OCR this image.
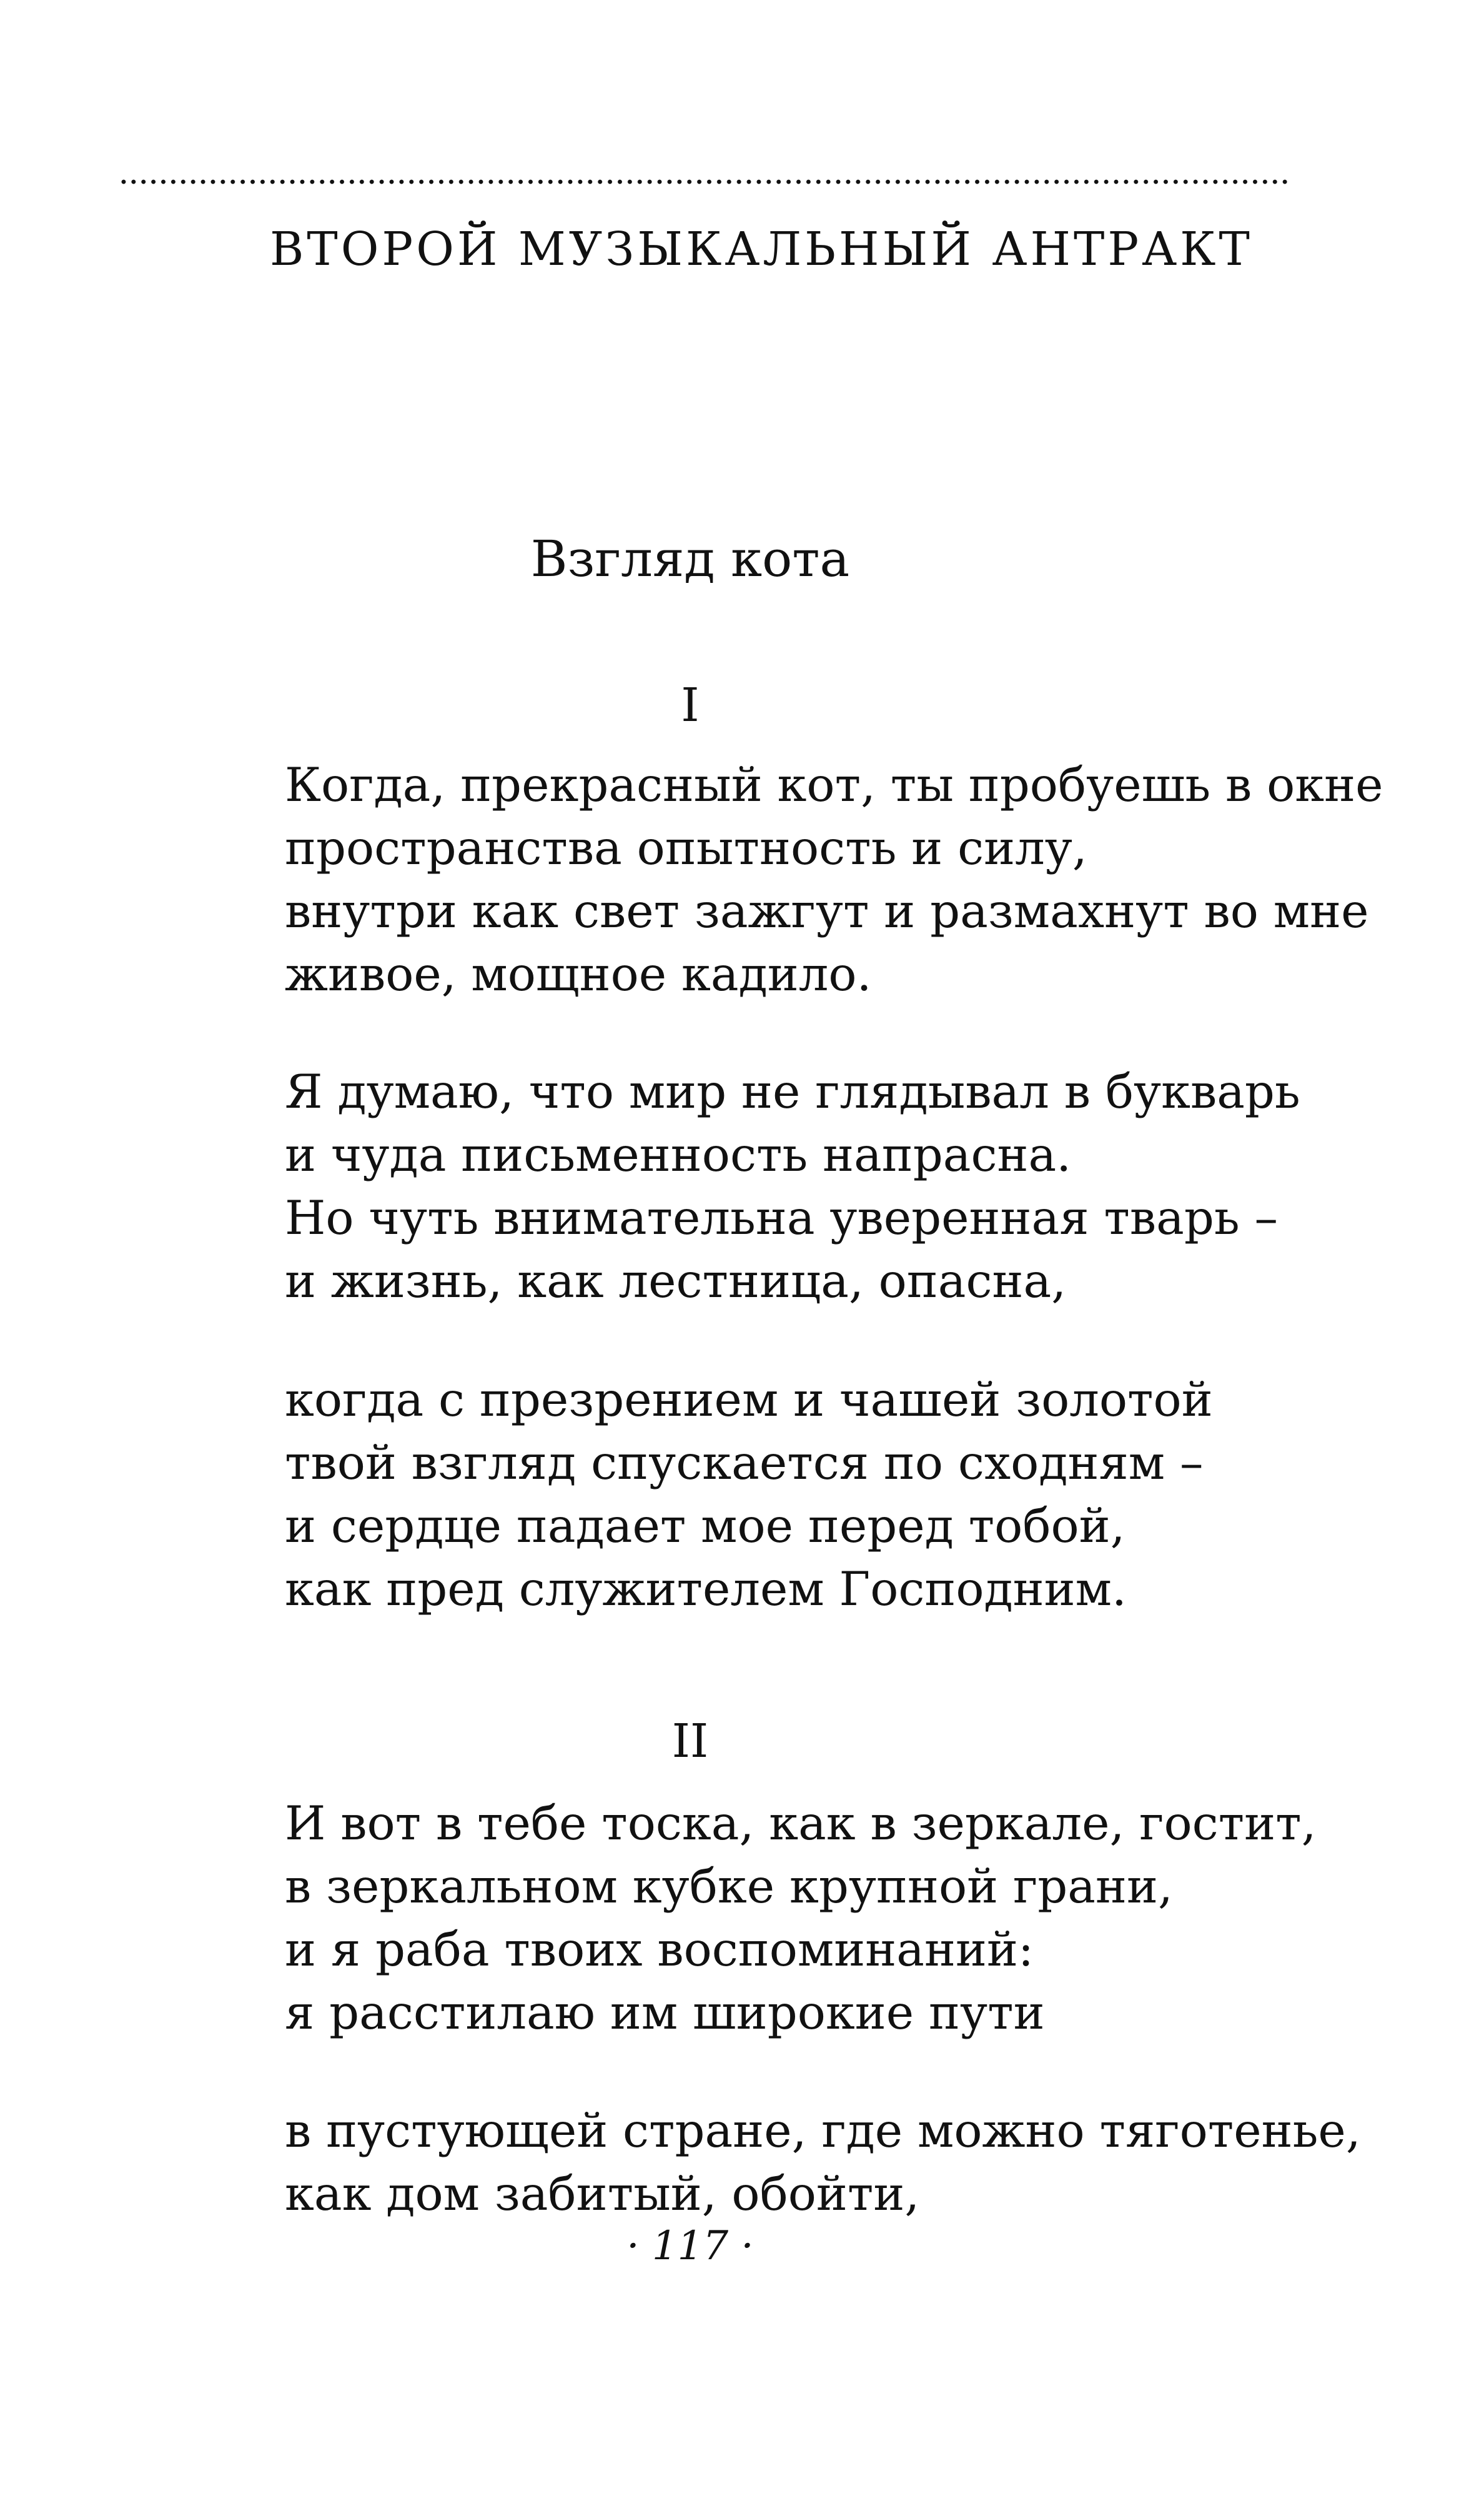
ВТОРОЙ МУЗЫКАЛЬНЫЙ АНТРАКТ
Взгляд кота
I
Когда, прекрасный кот, ты пробуешь в окне
пространства опытность и силу,
внутри как свет зажгут и размахнут во мне
живое, мощное кадило.
Я думаю, что мир не глядывал в букварь
и чуда письменность напрасна.
Но чуть внимательна уверенная тварь –
и жизнь, как лестница, опасна,
когда с презрением и чашей золотой
твой взгляд спускается по сходням –
и сердце падает мое перед тобой,
как пред служителем Господним.
II
И вот в тебе тоска, как в зеркале, гостит,
в зеркальном кубке крупной грани,
и я раба твоих воспоминаний:
я расстилаю им широкие пути
в пустующей стране, где можно тяготенье,
как дом забитый, обойти,
· 117 ·
